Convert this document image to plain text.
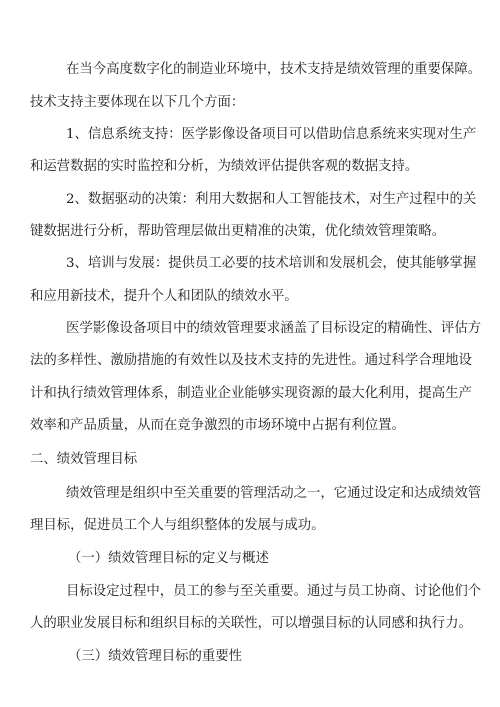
在当今高度数字化的制造业环境中，技术支持是绩效管理的重要保障。
技术支持主要体现在以下几个方面：
1、信息系统支持：医学影像设备项目可以借助信息系统来实现对生产
和运营数据的实时监控和分析，为绩效评估提供客观的数据支持。
2、数据驱动的决策：利用大数据和人工智能技术，对生产过程中的关
键数据进行分析，帮助管理层做出更精准的决策，优化绩效管理策略。
3、培训与发展：提供员工必要的技术培训和发展机会，使其能够掌握
和应用新技术，提升个人和团队的绩效水平。
医学影像设备项目中的绩效管理要求涵盖了目标设定的精确性、评估方
法的多样性、激励措施的有效性以及技术支持的先进性。通过科学合理地设
计和执行绩效管理体系，制造业企业能够实现资源的最大化利用，提高生产
效率和产品质量，从而在竞争激烈的市场环境中占据有利位置。
二、绩效管理目标
绩效管理是组织中至关重要的管理活动之一，它通过设定和达成绩效管
理目标，促进员工个人与组织整体的发展与成功。
（一）绩效管理目标的定义与概述
目标设定过程中，员工的参与至关重要。通过与员工协商、讨论他们个
人的职业发展目标和组织目标的关联性，可以增强目标的认同感和执行力。
（三）绩效管理目标的重要性
